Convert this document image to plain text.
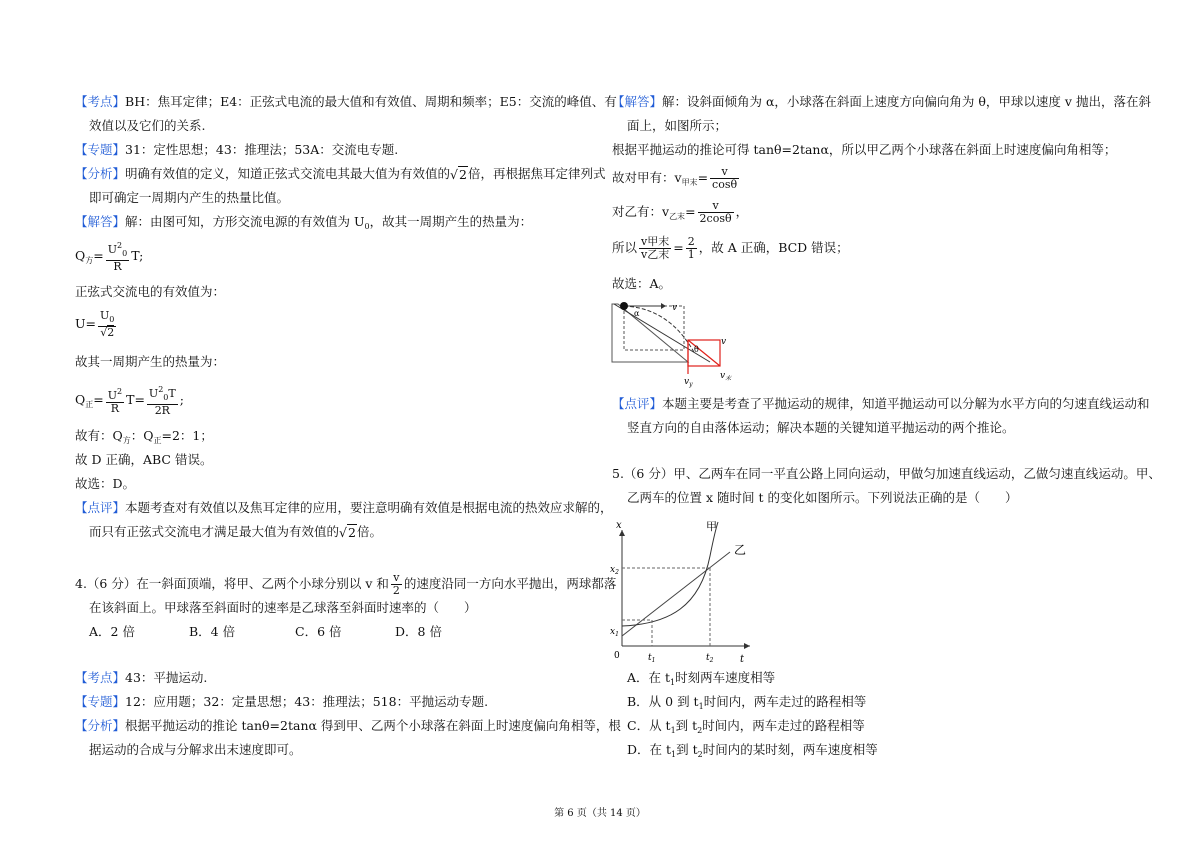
【考点】BH：焦耳定律；E4：正弦式电流的最大值和有效值、周期和频率；E5：交流的峰值、有
效值以及它们的关系.
【专题】31：定性思想；43：推理法；53A：交流电专题.
【分析】明确有效值的定义，知道正弦式交流电其最大值为有效值的√2倍，再根据焦耳定律列式
即可确定一周期内产生的热量比值。
【解答】解：由图可知，方形交流电源的有效值为 $U_0$，故其一周期产生的热量为：
$Q_方= \frac{U^2_0}{R} T$;
正弦式交流电的有效值为：
$U= \frac{U_0}{√2}$
故其一周期产生的热量为：
$Q_正= \frac{U^2}{R} T= \frac{U^2_0T}{2R}$ ;
故有：$Q_方$：$Q_正=2$：1；
故 D 正确，ABC 错误。
故选：D。
【点评】本题考查对有效值以及焦耳定律的应用，要注意明确有效值是根据电流的热效应求解的，
而只有正弦式交流电才满足最大值为有效值的√2倍。
4.（6 分）在一斜面顶端，将甲、乙两个小球分别以 v 和 $\frac{v}{2}$ 的速度沿同一方向水平抛出，两球都落
在该斜面上。甲球落至斜面时的速率是乙球落至斜面时速率的（　　）
A．2 倍	B．4 倍	C．6 倍	D．8 倍
【考点】43：平抛运动.
【专题】12：应用题；32：定量思想；43：推理法；518：平抛运动专题.
【分析】根据平抛运动的推论 tanθ=2tanα 得到甲、乙两个小球落在斜面上时速度偏向角相等，根
据运动的合成与分解求出末速度即可。
【解答】解：设斜面倾角为 α，小球落在斜面上速度方向偏向角为 θ，甲球以速度 v 抛出，落在斜
面上，如图所示；
根据平抛运动的推论可得 tanθ=2tanα，所以甲乙两个小球落在斜面上时速度偏向角相等；
故对甲有：$v_{甲末}= \frac{v}{\cos\theta}$
对乙有：$v_{乙末}= \frac{v}{2\cos\theta}$ ，
所以 $\frac{\text{v甲末}}{\text{v乙末}} = \frac{2}{1}$ ，故 A 正确，BCD 错误；
故选：A。
α
v
θ
v
$v_y$
$v_末$
【点评】本题主要是考查了平抛运动的规律，知道平抛运动可以分解为水平方向的匀速直线运动和
竖直方向的自由落体运动；解决本题的关键知道平抛运动的两个推论。
5.（6 分）甲、乙两车在同一平直公路上同向运动，甲做匀加速直线运动，乙做匀速直线运动。甲、
乙两车的位置 x 随时间 t 的变化如图所示。下列说法正确的是（　　）
x
t
0
甲
乙
$x_1$
$x_2$
$t_1$	$t_2$
A．在 $t_1$时刻两车速度相等
B．从 0 到 $t_1$时间内，两车走过的路程相等
C．从 $t_1$到 $t_2$时间内，两车走过的路程相等
D．在 $t_1$到 $t_2$时间内的某时刻，两车速度相等
第 6 页（共 14 页）
